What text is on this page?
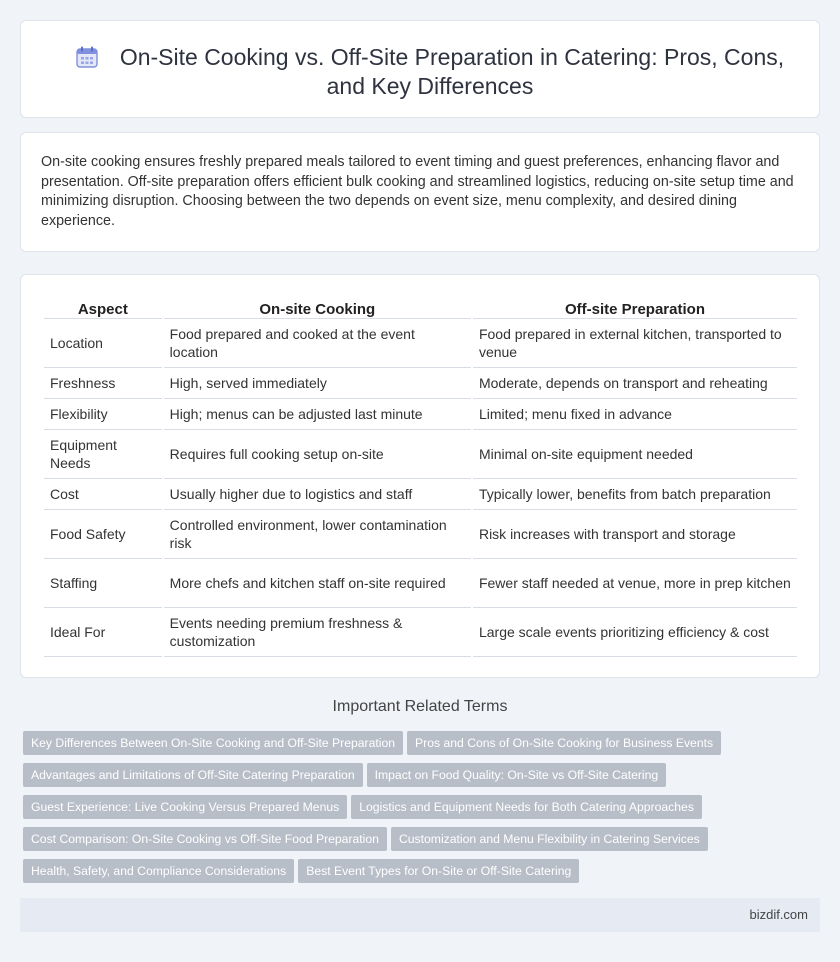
On-Site Cooking vs. Off-Site Preparation in Catering: Pros, Cons, and Key Differences

On-site cooking ensures freshly prepared meals tailored to event timing and guest preferences, enhancing flavor and presentation. Off-site preparation offers efficient bulk cooking and streamlined logistics, reducing on-site setup time and minimizing disruption. Choosing between the two depends on event size, menu complexity, and desired dining experience.

Aspect	On-site Cooking	Off-site Preparation
Location	Food prepared and cooked at the event location	Food prepared in external kitchen, transported to venue
Freshness	High, served immediately	Moderate, depends on transport and reheating
Flexibility	High; menus can be adjusted last minute	Limited; menu fixed in advance
Equipment Needs	Requires full cooking setup on-site	Minimal on-site equipment needed
Cost	Usually higher due to logistics and staff	Typically lower, benefits from batch preparation
Food Safety	Controlled environment, lower contamination risk	Risk increases with transport and storage
Staffing	More chefs and kitchen staff on-site required	Fewer staff needed at venue, more in prep kitchen
Ideal For	Events needing premium freshness & customization	Large scale events prioritizing efficiency & cost
Important Related Terms
Key Differences Between On-Site Cooking and Off-Site Preparation Pros and Cons of On-Site Cooking for Business Events
Advantages and Limitations of Off-Site Catering Preparation Impact on Food Quality: On-Site vs Off-Site Catering
Guest Experience: Live Cooking Versus Prepared Menus Logistics and Equipment Needs for Both Catering Approaches
Cost Comparison: On-Site Cooking vs Off-Site Food Preparation Customization and Menu Flexibility in Catering Services
Health, Safety, and Compliance Considerations Best Event Types for On-Site or Off-Site Catering
bizdif.com
